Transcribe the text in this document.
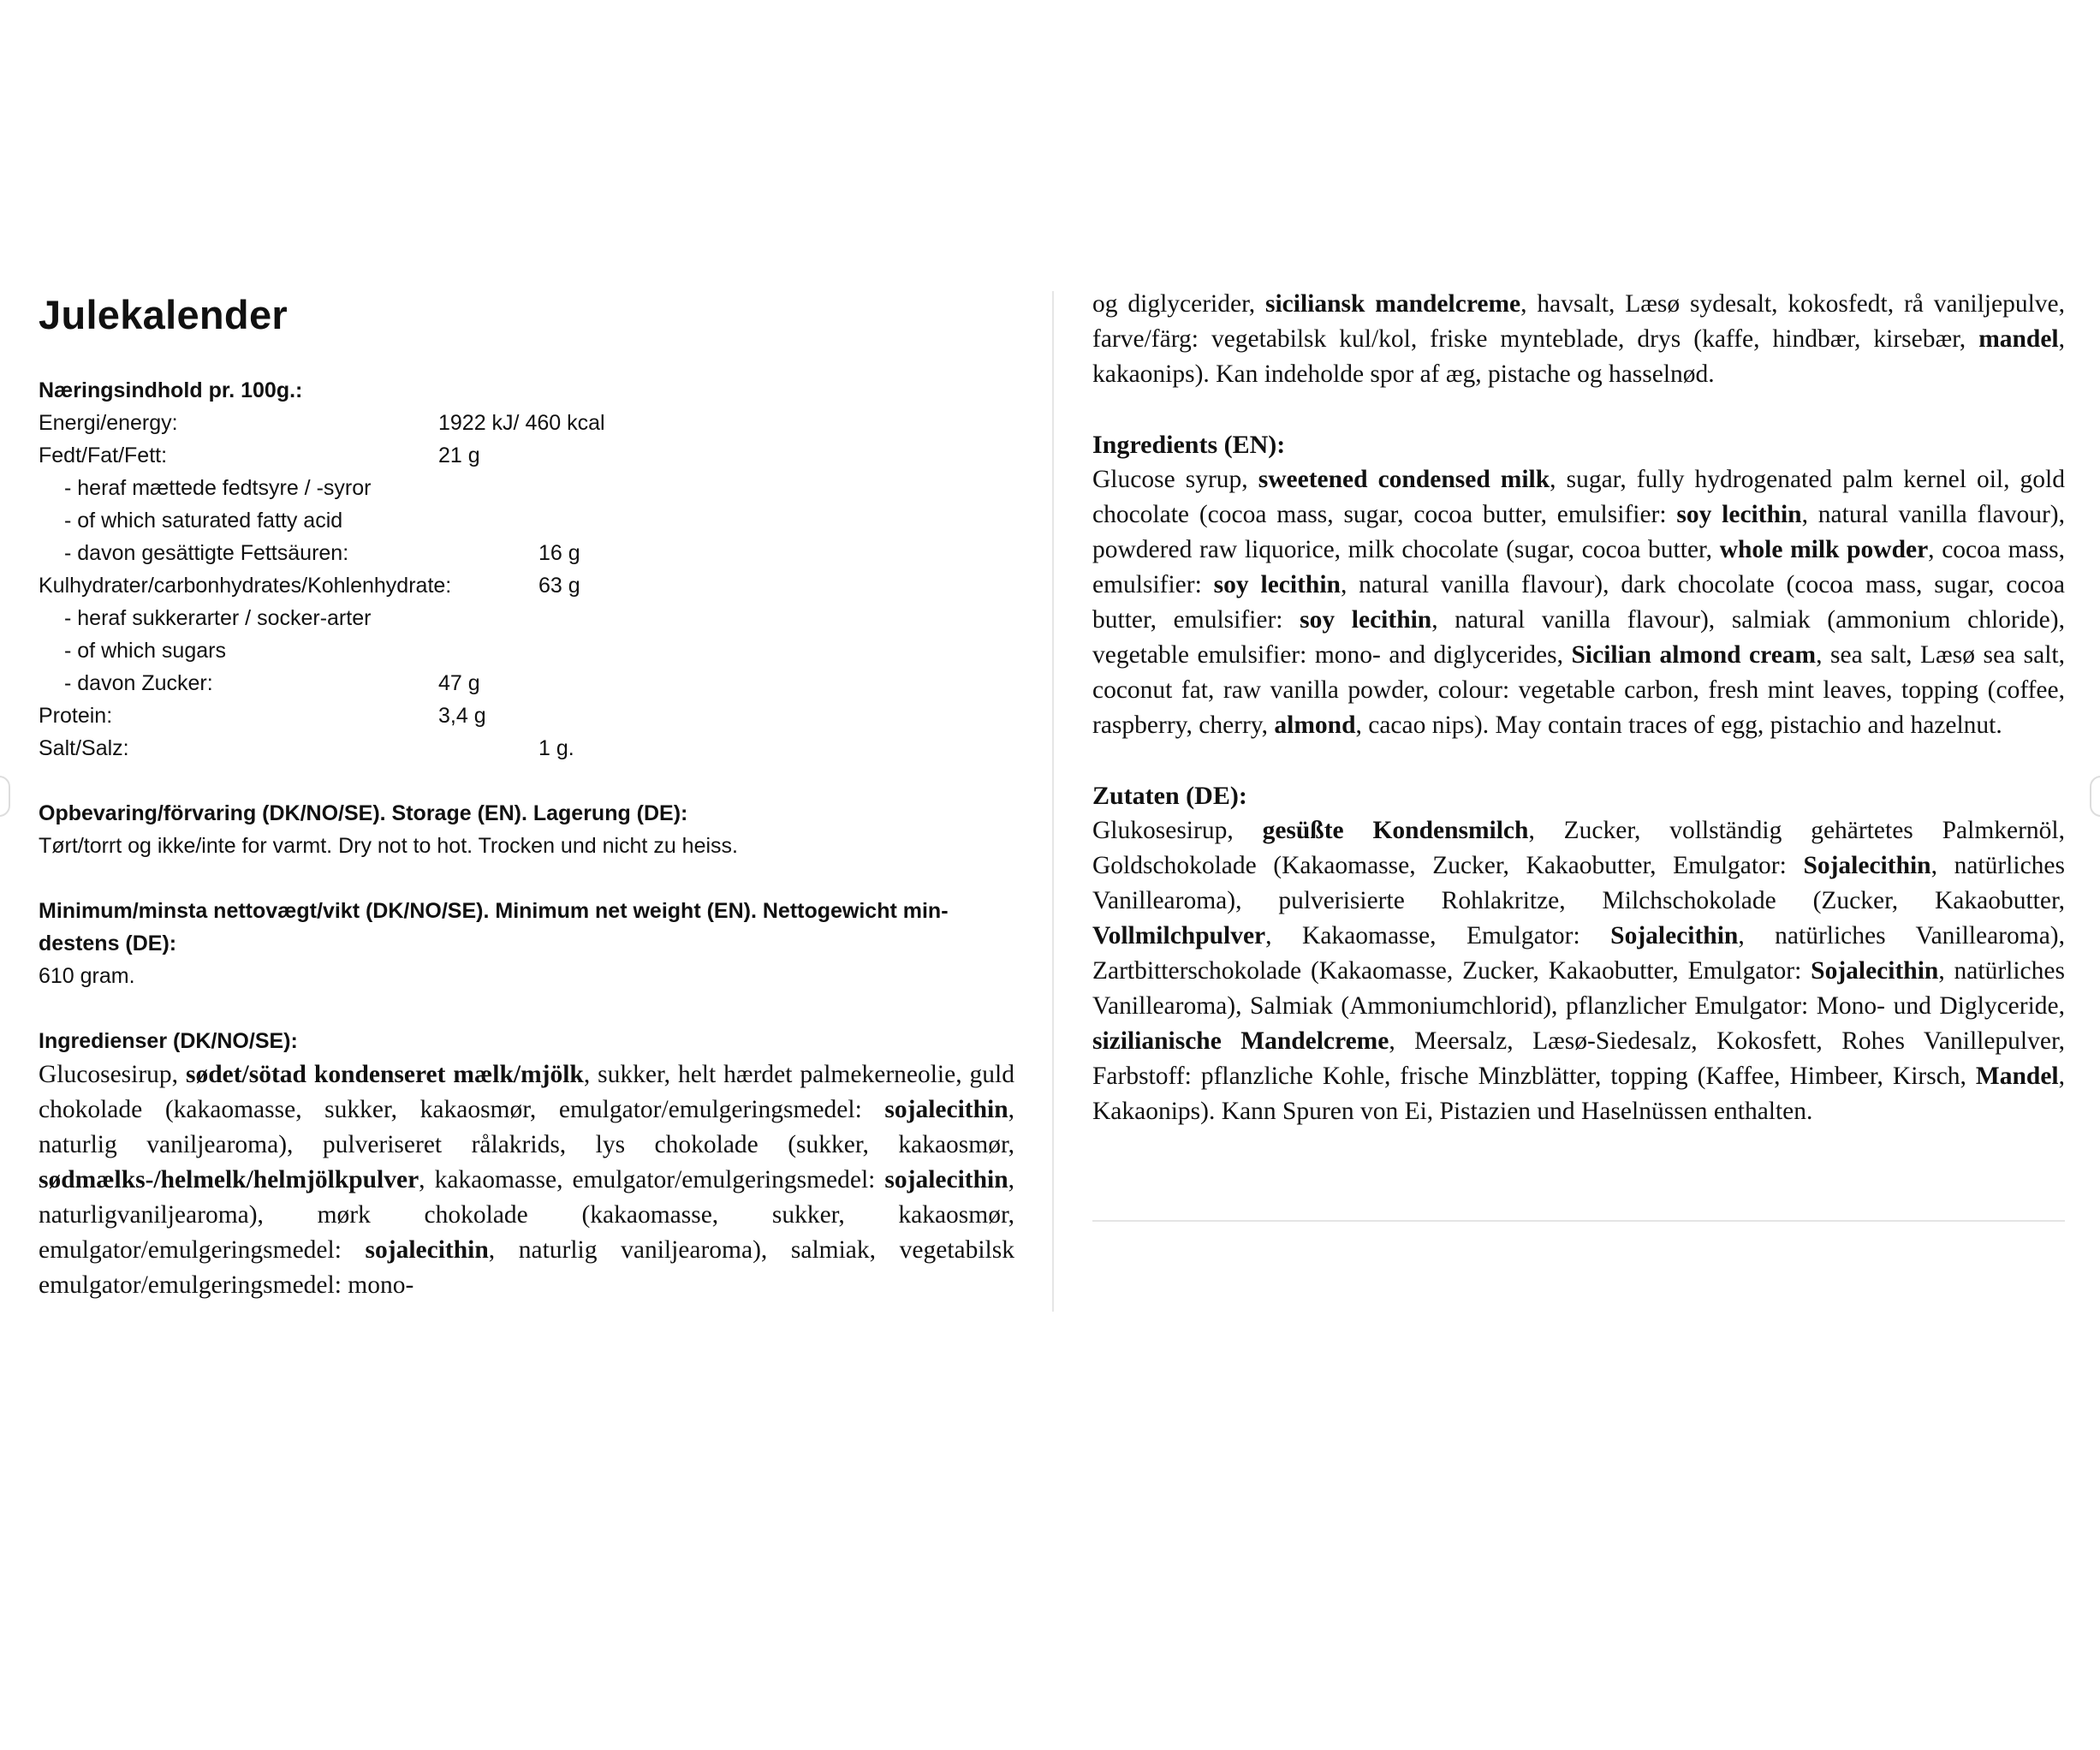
Julekalender
Næringsindhold pr. 100g.:
Energi/energy:	1922 kJ/ 460 kcal
Fedt/Fat/Fett:	21 g
- heraf mættede fedtsyre / -syror
- of which saturated fatty acid
- davon gesättigte Fettsäuren:	16 g
Kulhydrater/carbonhydrates/Kohlenhydrate:	63 g
- heraf sukkerarter / socker-arter
- of which sugars
- davon Zucker:	47 g
Protein:	3,4 g
Salt/Salz:	1 g.
Opbevaring/förvaring (DK/NO/SE). Storage (EN). Lagerung (DE):
Tørt/torrt og ikke/inte for varmt. Dry not to hot. Trocken und nicht zu heiss.
Minimum/minsta nettovægt/vikt (DK/NO/SE). Minimum net weight (EN). Nettogewicht min-
destens (DE):
610 gram.
Ingredienser (DK/NO/SE):

Glucosesirup, sødet/sötad kondenseret mælk/mjölk, sukker, helt hærdet palmekerneolie, guld chokolade (kakaomasse, sukker, kakaosmør, emulgator/emulgeringsmedel: sojalecithin, naturlig vaniljearoma), pulveriseret rålakrids, lys chokolade (sukker, kakaosmør, sødmælks-/helmelk/helmjölkpulver, kakaomasse, emulgator/emulgeringsmedel: sojalecithin, naturligvaniljearoma), mørk chokolade (kakaomasse, sukker, kakaosmør, emulgator/emulgeringsmedel: sojalecithin, naturlig vaniljearoma), salmiak, vegetabilsk emulgator/emulgeringsmedel: mono-

og diglycerider, siciliansk mandelcreme, havsalt, Læsø sydesalt, kokosfedt, rå vaniljepulve, farve/färg: vegetabilsk kul/kol, friske mynteblade, drys (kaffe, hindbær, kirsebær, mandel, kakaonips). Kan indeholde spor af æg, pistache og hasselnød.

Ingredients (EN):

Glucose syrup, sweetened condensed milk, sugar, fully hydrogenated palm kernel oil, gold chocolate (cocoa mass, sugar, cocoa butter, emulsifier: soy lecithin, natural vanilla flavour), powdered raw liquorice, milk chocolate (sugar, cocoa butter, whole milk powder, cocoa mass, emulsifier: soy lecithin, natural vanilla flavour), dark chocolate (cocoa mass, sugar, cocoa butter, emulsifier: soy lecithin, natural vanilla flavour), salmiak (ammonium chloride), vegetable emulsifier: mono- and diglycerides, Sicilian almond cream, sea salt, Læsø sea salt, coconut fat, raw vanilla powder, colour: vegetable carbon, fresh mint leaves, topping (coffee, raspberry, cherry, almond, cacao nips). May contain traces of egg, pistachio and hazelnut.

Zutaten (DE):

Glukosesirup, gesüßte Kondensmilch, Zucker, vollständig gehärtetes Palmkernöl, Goldschokolade (Kakaomasse, Zucker, Kakaobutter, Emulgator: Sojalecithin, natürliches Vanillearoma), pulverisierte Rohlakritze, Milchschokolade (Zucker, Kakaobutter, Vollmilchpulver, Kakaomasse, Emulgator: Sojalecithin, natürliches Vanillearoma), Zartbitterschokolade (Kakaomasse, Zucker, Kakaobutter, Emulgator: Sojalecithin, natürliches Vanillearoma), Salmiak (Ammoniumchlorid), pflanzlicher Emulgator: Mono- und Diglyceride, sizilianische Mandelcreme, Meersalz, Læsø-Siedesalz, Kokosfett, Rohes Vanillepulver, Farbstoff: pflanzliche Kohle, frische Minzblätter, topping (Kaffee, Himbeer, Kirsch, Mandel, Kakaonips). Kann Spuren von Ei, Pistazien und Haselnüssen enthalten.
